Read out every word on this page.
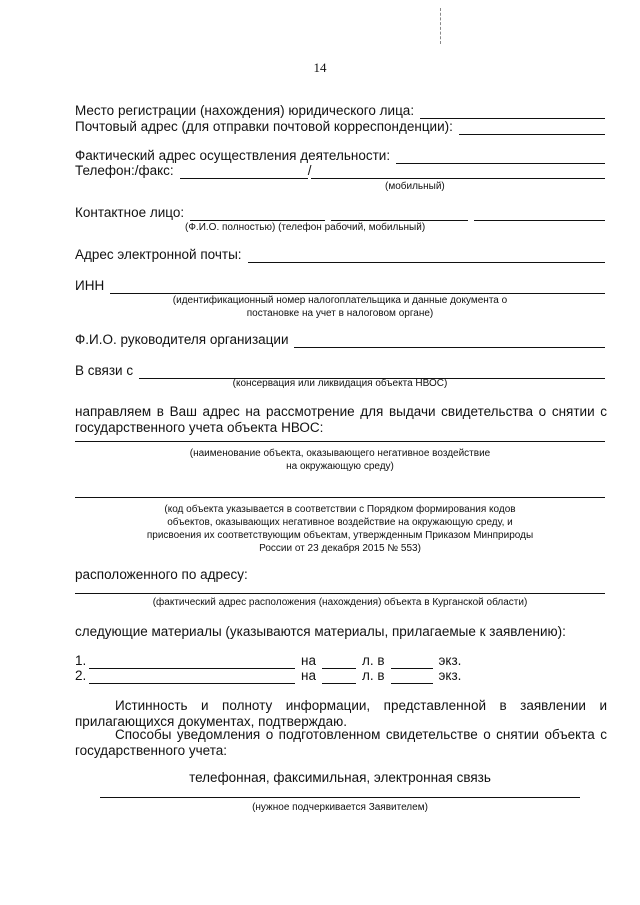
14
Место регистрации (нахождения) юридического лица:
Почтовый адрес (для отправки почтовой корреспонденции):
Фактический адрес осуществления деятельности:
Телефон:/факс:	/
(мобильный)
Контактное лицо:
(Ф.И.О. полностью) (телефон рабочий, мобильный)
Адрес электронной почты:
ИНН
(идентификационный номер налогоплательщика и данные документа о
постановке на учет в налоговом органе)
Ф.И.О. руководителя организации
В связи с
(консервация или ликвидация объекта НВОС)
направляем в Ваш адрес на рассмотрение для выдачи свидетельства о снятии с государственного учета объекта НВОС:
(наименование объекта, оказывающего негативное воздействие
на окружающую среду)
(код объекта указывается в соответствии с Порядком формирования кодов
объектов, оказывающих негативное воздействие на окружающую среду, и
присвоения их соответствующим объектам, утвержденным Приказом Минприроды
России от 23 декабря 2015 № 553)
расположенного по адресу:
(фактический адрес расположения (нахождения) объекта в Курганской области)
следующие материалы (указываются материалы, прилагаемые к заявлению):
1.	на	л. в	экз.
2.	на	л. в	экз.
Истинность и полноту информации, представленной в заявлении и прилагающихся документах, подтверждаю.
Способы уведомления о подготовленном свидетельстве о снятии объекта с государственного учета:
телефонная, факсимильная, электронная связь
(нужное подчеркивается Заявителем)
